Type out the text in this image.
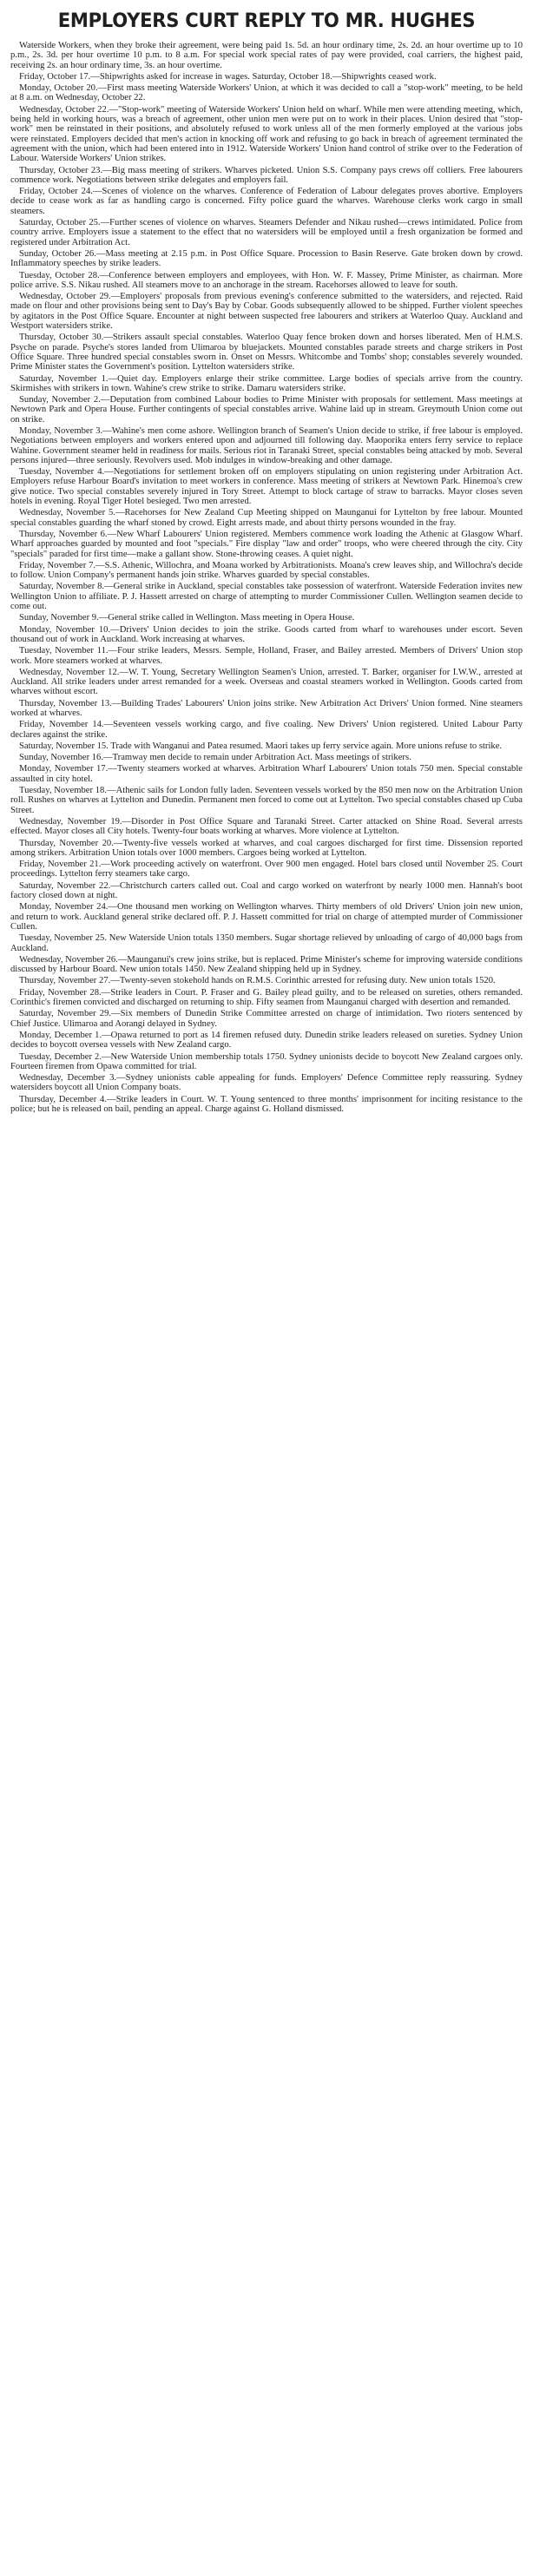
EMPLOYERS CURT REPLY TO MR. HUGHES

Waterside Workers, when they broke their agreement, were being paid 1s. 5d. an hour ordinary time, 2s. 2d. an hour overtime up to 10 p.m., 2s. 3d. per hour overtime 10 p.m. to 8 a.m. For special work special rates of pay were provided, coal carriers, the highest paid, receiving 2s. an hour ordinary time, 3s. an hour overtime.

Friday, October 17.—Shipwrights asked for increase in wages. Saturday, October 18.—Shipwrights ceased work.

Monday, October 20.—First mass meeting Waterside Workers' Union, at which it was decided to call a "stop-work" meeting, to be held at 8 a.m. on Wednesday, October 22.

Wednesday, October 22.—"Stop-work" meeting of Waterside Workers' Union held on wharf. While men were attending meeting, which, being held in working hours, was a breach of agreement, other union men were put on to work in their places. Union desired that "stop-work" men be reinstated in their positions, and absolutely refused to work unless all of the men formerly employed at the various jobs were reinstated. Employers decided that men's action in knocking off work and refusing to go back in breach of agreement terminated the agreement with the union, which had been entered into in 1912. Waterside Workers' Union hand control of strike over to the Federation of Labour. Waterside Workers' Union strikes.

Thursday, October 23.—Big mass meeting of strikers. Wharves picketed. Union S.S. Company pays crews off colliers. Free labourers commence work. Negotiations between strike delegates and employers fail.

Friday, October 24.—Scenes of violence on the wharves. Conference of Federation of Labour delegates proves abortive. Employers decide to cease work as far as handling cargo is concerned. Fifty police guard the wharves. Warehouse clerks work cargo in small steamers.

Saturday, October 25.—Further scenes of violence on wharves. Steamers Defender and Nikau rushed—crews intimidated. Police from country arrive. Employers issue a statement to the effect that no watersiders will be employed until a fresh organization be formed and registered under Arbitration Act.

Sunday, October 26.—Mass meeting at 2.15 p.m. in Post Office Square. Procession to Basin Reserve. Gate broken down by crowd. Inflammatory speeches by strike leaders.

Tuesday, October 28.—Conference between employers and employees, with Hon. W. F. Massey, Prime Minister, as chairman. More police arrive. S.S. Nikau rushed. All steamers move to an anchorage in the stream. Racehorses allowed to leave for south.

Wednesday, October 29.—Employers' proposals from previous evening's conference submitted to the watersiders, and rejected. Raid made on flour and other provisions being sent to Day's Bay by Cobar. Goods subsequently allowed to be shipped. Further violent speeches by agitators in the Post Office Square. Encounter at night between suspected free labourers and strikers at Waterloo Quay. Auckland and Westport watersiders strike.

Thursday, October 30.—Strikers assault special constables. Waterloo Quay fence broken down and horses liberated. Men of H.M.S. Psyche on parade. Psyche's stores landed from Ulimaroa by bluejackets. Mounted constables parade streets and charge strikers in Post Office Square. Three hundred special constables sworn in. Onset on Messrs. Whitcombe and Tombs' shop; constables severely wounded. Prime Minister states the Government's position. Lyttelton watersiders strike.

Saturday, November 1.—Quiet day. Employers enlarge their strike committee. Large bodies of specials arrive from the country. Skirmishes with strikers in town. Wahine's crew strike to strike. Damaru watersiders strike.

Sunday, November 2.—Deputation from combined Labour bodies to Prime Minister with proposals for settlement. Mass meetings at Newtown Park and Opera House. Further contingents of special constables arrive. Wahine laid up in stream. Greymouth Union come out on strike.

Monday, November 3.—Wahine's men come ashore. Wellington branch of Seamen's Union decide to strike, if free labour is employed. Negotiations between employers and workers entered upon and adjourned till following day. Maoporika enters ferry service to replace Wahine. Government steamer held in readiness for mails. Serious riot in Taranaki Street, special constables being attacked by mob. Several persons injured—three seriously. Revolvers used. Mob indulges in window-breaking and other damage.

Tuesday, November 4.—Negotiations for settlement broken off on employers stipulating on union registering under Arbitration Act. Employers refuse Harbour Board's invitation to meet workers in conference. Mass meeting of strikers at Newtown Park. Hinemoa's crew give notice. Two special constables severely injured in Tory Street. Attempt to block cartage of straw to barracks. Mayor closes seven hotels in evening. Royal Tiger Hotel besieged. Two men arrested.

Wednesday, November 5.—Racehorses for New Zealand Cup Meeting shipped on Maunganui for Lyttelton by free labour. Mounted special constables guarding the wharf stoned by crowd. Eight arrests made, and about thirty persons wounded in the fray.

Thursday, November 6.—New Wharf Labourers' Union registered. Members commence work loading the Athenic at Glasgow Wharf. Wharf approaches guarded by mounted and foot "specials." Fire display "law and order" troops, who were cheered through the city. City "specials" paraded for first time—make a gallant show. Stone-throwing ceases. A quiet night.

Friday, November 7.—S.S. Athenic, Willochra, and Moana worked by Arbitrationists. Moana's crew leaves ship, and Willochra's decide to follow. Union Company's permanent hands join strike. Wharves guarded by special constables.

Saturday, November 8.—General strike in Auckland, special constables take possession of waterfront. Waterside Federation invites new Wellington Union to affiliate. P. J. Hassett arrested on charge of attempting to murder Commissioner Cullen. Wellington seamen decide to come out.

Sunday, November 9.—General strike called in Wellington. Mass meeting in Opera House.

Monday, November 10.—Drivers' Union decides to join the strike. Goods carted from wharf to warehouses under escort. Seven thousand out of work in Auckland. Work increasing at wharves.

Tuesday, November 11.—Four strike leaders, Messrs. Semple, Holland, Fraser, and Bailey arrested. Members of Drivers' Union stop work. More steamers worked at wharves.

Wednesday, November 12.—W. T. Young, Secretary Wellington Seamen's Union, arrested. T. Barker, organiser for I.W.W., arrested at Auckland. All strike leaders under arrest remanded for a week. Overseas and coastal steamers worked in Wellington. Goods carted from wharves without escort.

Thursday, November 13.—Building Trades' Labourers' Union joins strike. New Arbitration Act Drivers' Union formed. Nine steamers worked at wharves.

Friday, November 14.—Seventeen vessels working cargo, and five coaling. New Drivers' Union registered. United Labour Party declares against the strike.

Saturday, November 15. Trade with Wanganui and Patea resumed. Maori takes up ferry service again. More unions refuse to strike.

Sunday, November 16.—Tramway men decide to remain under Arbitration Act. Mass meetings of strikers.

Monday, November 17.—Twenty steamers worked at wharves. Arbitration Wharf Labourers' Union totals 750 men. Special constable assaulted in city hotel.

Tuesday, November 18.—Athenic sails for London fully laden. Seventeen vessels worked by the 850 men now on the Arbitration Union roll. Rushes on wharves at Lyttelton and Dunedin. Permanent men forced to come out at Lyttelton. Two special constables chased up Cuba Street.

Wednesday, November 19.—Disorder in Post Office Square and Taranaki Street. Carter attacked on Shine Road. Several arrests effected. Mayor closes all City hotels. Twenty-four boats working at wharves. More violence at Lyttelton.

Thursday, November 20.—Twenty-five vessels worked at wharves, and coal cargoes discharged for first time. Dissension reported among strikers. Arbitration Union totals over 1000 members. Cargoes being worked at Lyttelton.

Friday, November 21.—Work proceeding actively on waterfront. Over 900 men engaged. Hotel bars closed until November 25. Court proceedings. Lyttelton ferry steamers take cargo.

Saturday, November 22.—Christchurch carters called out. Coal and cargo worked on waterfront by nearly 1000 men. Hannah's boot factory closed down at night.

Monday, November 24.—One thousand men working on Wellington wharves. Thirty members of old Drivers' Union join new union, and return to work. Auckland general strike declared off. P. J. Hassett committed for trial on charge of attempted murder of Commissioner Cullen.

Tuesday, November 25. New Waterside Union totals 1350 members. Sugar shortage relieved by unloading of cargo of 40,000 bags from Auckland.

Wednesday, November 26.—Maunganui's crew joins strike, but is replaced. Prime Minister's scheme for improving waterside conditions discussed by Harbour Board. New union totals 1450. New Zealand shipping held up in Sydney.

Thursday, November 27.—Twenty-seven stokehold hands on R.M.S. Corinthic arrested for refusing duty. New union totals 1520.

Friday, November 28.—Strike leaders in Court. P. Fraser and G. Bailey plead guilty, and to be released on sureties, others remanded. Corinthic's firemen convicted and discharged on returning to ship. Fifty seamen from Maunganui charged with desertion and remanded.

Saturday, November 29.—Six members of Dunedin Strike Committee arrested on charge of intimidation. Two rioters sentenced by Chief Justice. Ulimaroa and Aorangi delayed in Sydney.

Monday, December 1.—Opawa returned to port as 14 firemen refused duty. Dunedin strike leaders released on sureties. Sydney Union decides to boycott oversea vessels with New Zealand cargo.

Tuesday, December 2.—New Waterside Union membership totals 1750. Sydney unionists decide to boycott New Zealand cargoes only. Fourteen firemen from Opawa committed for trial.

Wednesday, December 3.—Sydney unionists cable appealing for funds. Employers' Defence Committee reply reassuring. Sydney watersiders boycott all Union Company boats.

Thursday, December 4.—Strike leaders in Court. W. T. Young sentenced to three months' imprisonment for inciting resistance to the police; but he is released on bail, pending an appeal. Charge against G. Holland dismissed.
